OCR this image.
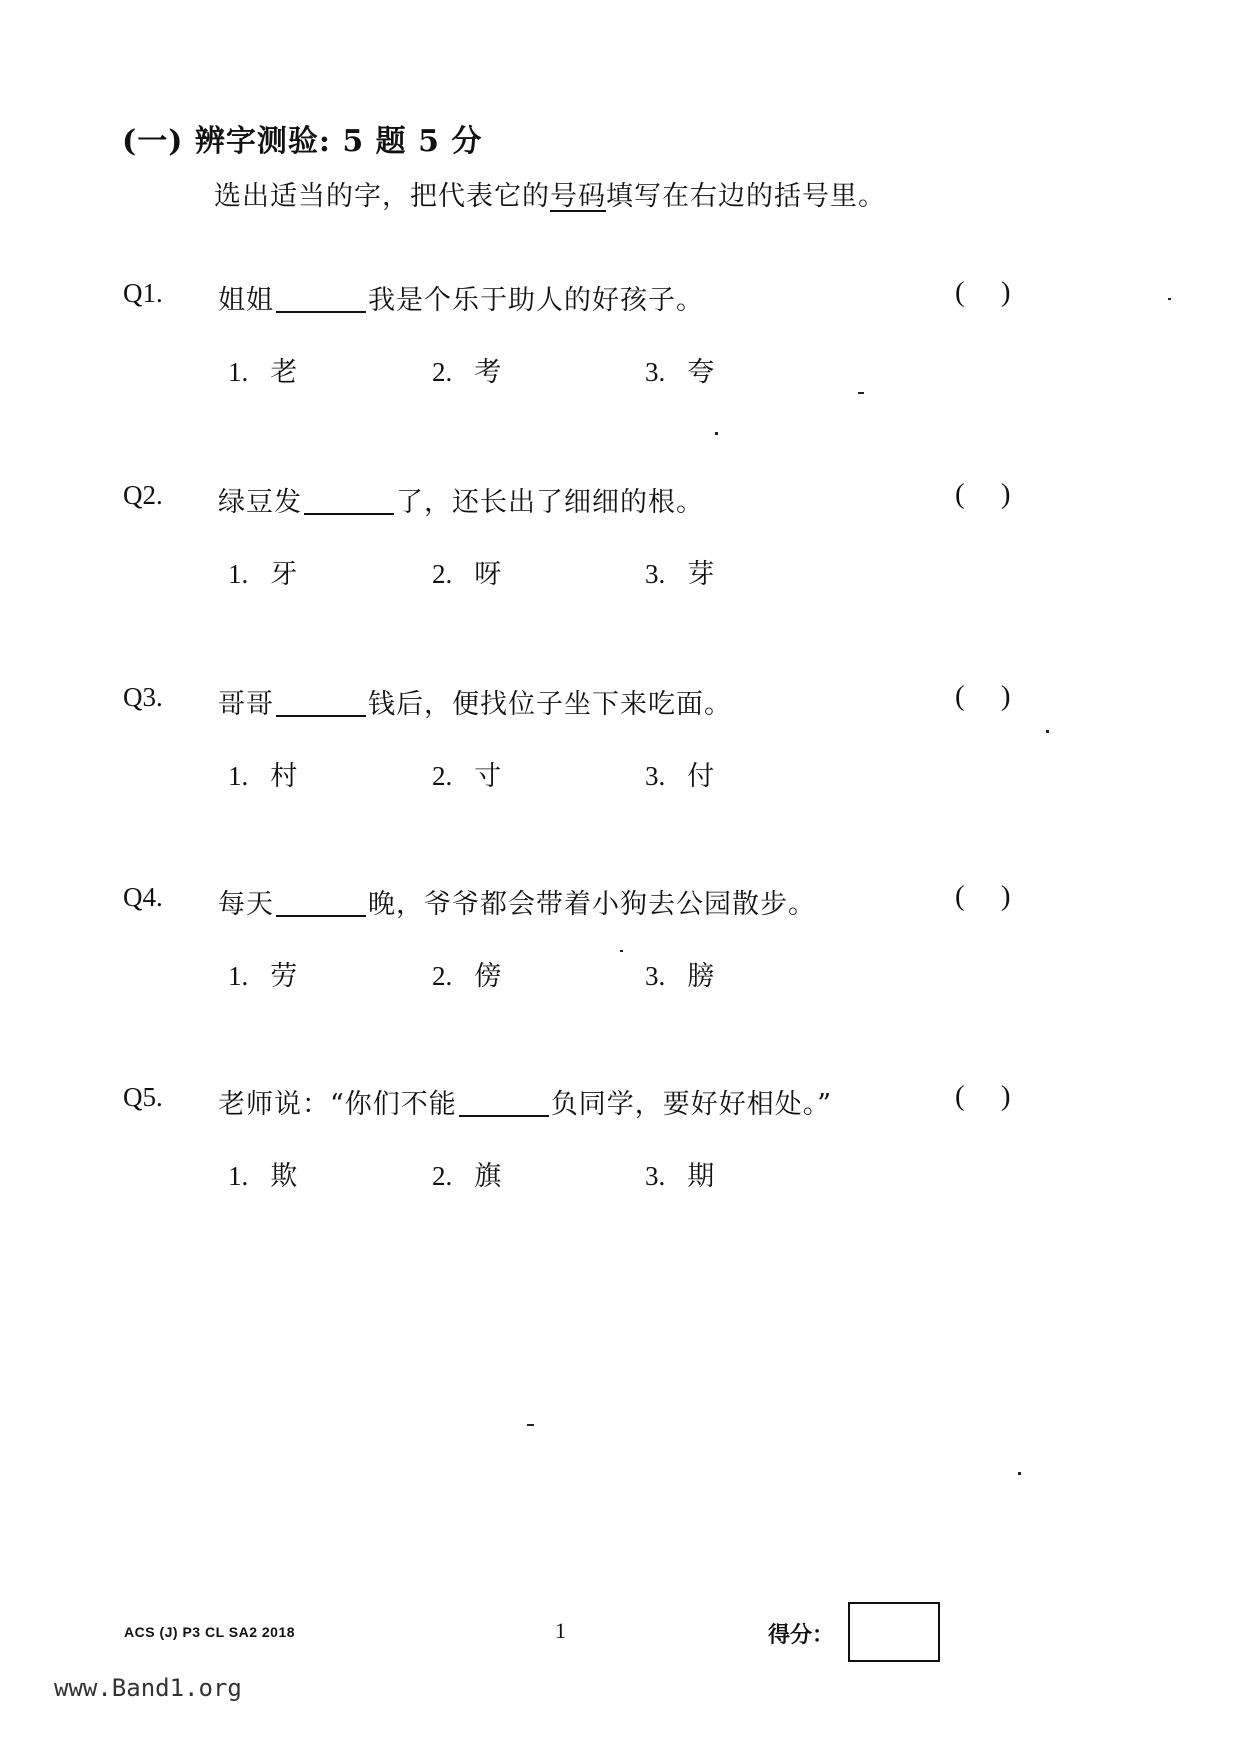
(一) 辨字测验: 5 题 5 分
选出适当的字，把代表它的号码填写在右边的括号里。
Q1. 姐姐	我是个乐于助人的好孩子。	(     )
1. 老	2. 考	3. 夸
Q2. 绿豆发	了，还长出了细细的根。	(     )
1. 牙	2. 呀	3. 芽
Q3. 哥哥	钱后，便找位子坐下来吃面。	(     )
1. 村	2. 寸	3. 付
Q4. 每天	晚，爷爷都会带着小狗去公园散步。	(     )
1. 劳	2. 傍	3. 膀
Q5. 老师说：“你们不能	负同学，要好好相处。”	(     )
1. 欺	2. 旗	3. 期
ACS (J) P3 CL SA2 2018	1	得分：
www.Band1.org
